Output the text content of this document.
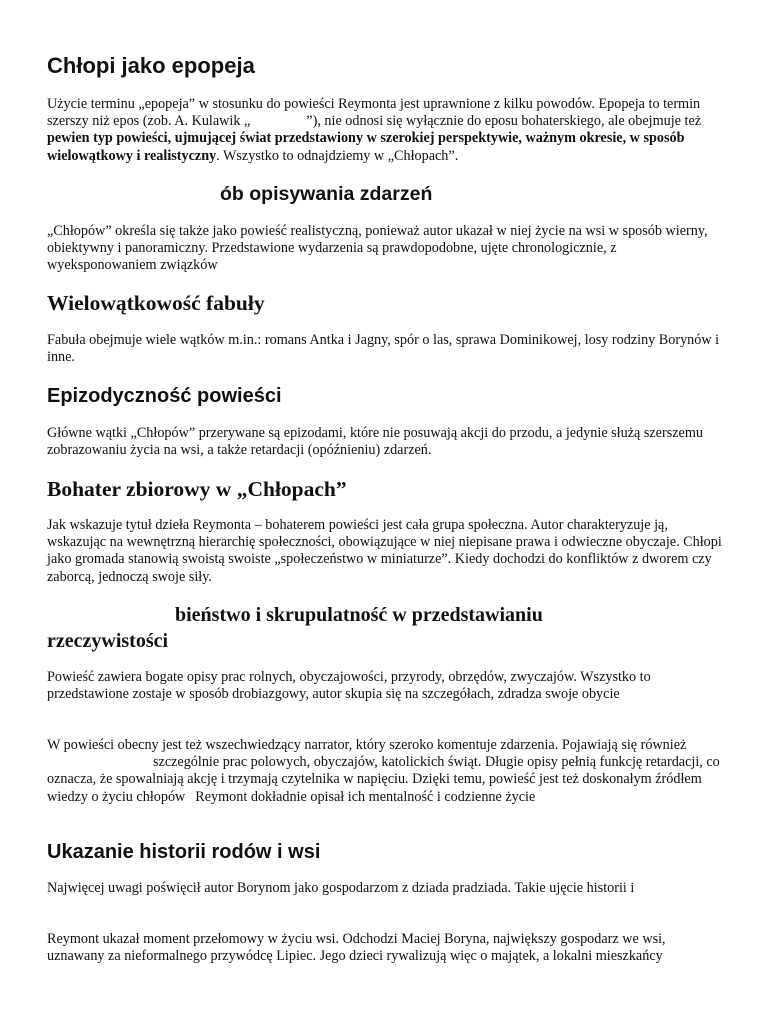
Chłopi jako epopeja

Użycie terminu „epopeja” w stosunku do powieści Reymonta jest uprawnione z kilku powodów. Epopeja to termin szerszy niż epos (zob. A. Kulawik „	”), nie odnosi się wyłącznie do eposu bohaterskiego, ale obejmuje też pewien typ powieści, ujmującej świat przedstawiony w szerokiej perspektywie, ważnym okresie, w sposób wielowątkowy i realistyczny. Wszystko to odnajdziemy w „Chłopach”.

ób opisywania zdarzeń

„Chłopów” określa się także jako powieść realistyczną, ponieważ autor ukazał w niej życie na wsi w sposób wierny, obiektywny i panoramiczny. Przedstawione wydarzenia są prawdopodobne, ujęte chronologicznie, z wyeksponowaniem związków

Wielowątkowość fabuły

Fabuła obejmuje wiele wątków m.in.: romans Antka i Jagny, spór o las, sprawa Dominikowej, losy rodziny Borynów i inne.

Epizodyczność powieści

Główne wątki „Chłopów” przerywane są epizodami, które nie posuwają akcji do przodu, a jedynie służą szerszemu zobrazowaniu życia na wsi, a także retardacji (opóźnieniu) zdarzeń.

Bohater zbiorowy w „Chłopach”

Jak wskazuje tytuł dzieła Reymonta – bohaterem powieści jest cała grupa społeczna. Autor charakteryzuje ją, wskazując na wewnętrzną hierarchię społeczności, obowiązujące w niej niepisane prawa i odwieczne obyczaje. Chłopi jako gromada stanowią swoistą swoiste „społeczeństwo w miniaturze”. Kiedy dochodzi do konfliktów z dworem czy zaborcą, jednoczą swoje siły.

bieństwo i skrupulatność w przedstawianiu
rzeczywistości

Powieść zawiera bogate opisy prac rolnych, obyczajowości, przyrody, obrzędów, zwyczajów. Wszystko to przedstawione zostaje w sposób drobiazgowy, autor skupia się na szczegółach, zdradza swoje obycie

W powieści obecny jest też wszechwiedzący narrator, który szeroko komentuje zdarzenia. Pojawiają się równieższczególnie prac polowych, obyczajów, katolickich świąt. Długie opisy pełnią funkcję retardacji, co oznacza, że spowalniają akcję i trzymają czytelnika w napięciu. Dzięki temu, powieść jest też doskonałym źródłem wiedzy o życiu chłopów Reymont dokładnie opisał ich mentalność i codzienne życie

Ukazanie historii rodów i wsi

Najwięcej uwagi poświęcił autor Borynom jako gospodarzom z dziada pradziada. Takie ujęcie historii i

Reymont ukazał moment przełomowy w życiu wsi. Odchodzi Maciej Boryna, największy gospodarz we wsi, uznawany za nieformalnego przywódcę Lipiec. Jego dzieci rywalizują więc o majątek, a lokalni mieszkańcy
